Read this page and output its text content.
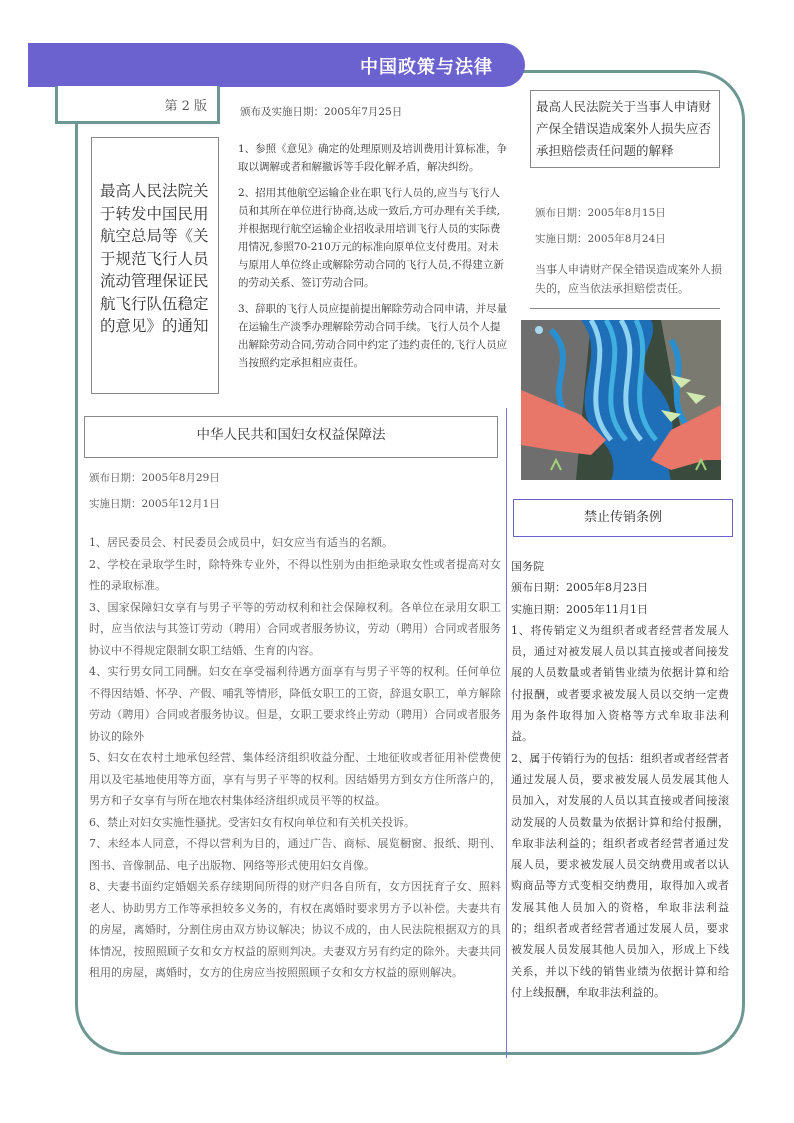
中国政策与法律
第 2 版	颁布及实施日期：2005年7月25日
最高人民法院关于转发中国民用航空总局等《关于规范飞行人员流动管理保证民航飞行队伍稳定的意见》的通知

1、参照《意见》确定的处理原则及培训费用计算标准，争取以调解或者和解撤诉等手段化解矛盾，解决纠纷。

2、招用其他航空运输企业在职飞行人员的,应当与飞行人员和其所在单位进行协商,达成一致后,方可办理有关手续,并根据现行航空运输企业招收录用培训飞行人员的实际费用情况,参照70-210万元的标准向原单位支付费用。对未与原用人单位终止或解除劳动合同的飞行人员,不得建立新的劳动关系、签订劳动合同。

3、辞职的飞行人员应提前提出解除劳动合同申请，并尽量在运输生产淡季办理解除劳动合同手续。飞行人员个人提出解除劳动合同,劳动合同中约定了违约责任的,飞行人员应当按照约定承担相应责任。

最高人民法院关于当事人申请财产保全错误造成案外人损失应否承担赔偿责任问题的解释
颁布日期：2005年8月15日
实施日期：2005年8月24日
当事人申请财产保全错误造成案外人损失的，应当依法承担赔偿责任。
中华人民共和国妇女权益保障法
颁布日期：2005年8月29日
实施日期：2005年12月1日

1、居民委员会、村民委员会成员中，妇女应当有适当的名额。

2、学校在录取学生时，除特殊专业外，不得以性别为由拒绝录取女性或者提高对女性的录取标准。

3、国家保障妇女享有与男子平等的劳动权利和社会保障权利。各单位在录用女职工时，应当依法与其签订劳动（聘用）合同或者服务协议，劳动（聘用）合同或者服务协议中不得规定限制女职工结婚、生育的内容。

4、实行男女同工同酬。妇女在享受福利待遇方面享有与男子平等的权利。任何单位不得因结婚、怀孕、产假、哺乳等情形，降低女职工的工资，辞退女职工，单方解除劳动（聘用）合同或者服务协议。但是，女职工要求终止劳动（聘用）合同或者服务协议的除外

5、妇女在农村土地承包经营、集体经济组织收益分配、土地征收或者征用补偿费使用以及宅基地使用等方面，享有与男子平等的权利。因结婚男方到女方住所落户的，男方和子女享有与所在地农村集体经济组织成员平等的权益。

6、禁止对妇女实施性骚扰。受害妇女有权向单位和有关机关投诉。

7、未经本人同意，不得以营利为目的，通过广告、商标、展览橱窗、报纸、期刊、图书、音像制品、电子出版物、网络等形式使用妇女肖像。

8、夫妻书面约定婚姻关系存续期间所得的财产归各自所有，女方因抚育子女、照料老人、协助男方工作等承担较多义务的，有权在离婚时要求男方予以补偿。夫妻共有的房屋，离婚时，分割住房由双方协议解决；协议不成的，由人民法院根据双方的具体情况，按照照顾子女和女方权益的原则判决。夫妻双方另有约定的除外。夫妻共同租用的房屋，离婚时，女方的住房应当按照照顾子女和女方权益的原则解决。

禁止传销条例

国务院

颁布日期：2005年8月23日

实施日期：2005年11月1日

1、将传销定义为组织者或者经营者发展人员，通过对被发展人员以其直接或者间接发展的人员数量或者销售业绩为依据计算和给付报酬，或者要求被发展人员以交纳一定费用为条件取得加入资格等方式牟取非法利益。

2、属于传销行为的包括：组织者或者经营者通过发展人员，要求被发展人员发展其他人员加入，对发展的人员以其直接或者间接滚动发展的人员数量为依据计算和给付报酬，牟取非法利益的；组织者或者经营者通过发展人员，要求被发展人员交纳费用或者以认购商品等方式变相交纳费用，取得加入或者发展其他人员加入的资格，牟取非法利益的；组织者或者经营者通过发展人员，要求被发展人员发展其他人员加入，形成上下线关系，并以下线的销售业绩为依据计算和给付上线报酬，牟取非法利益的。
